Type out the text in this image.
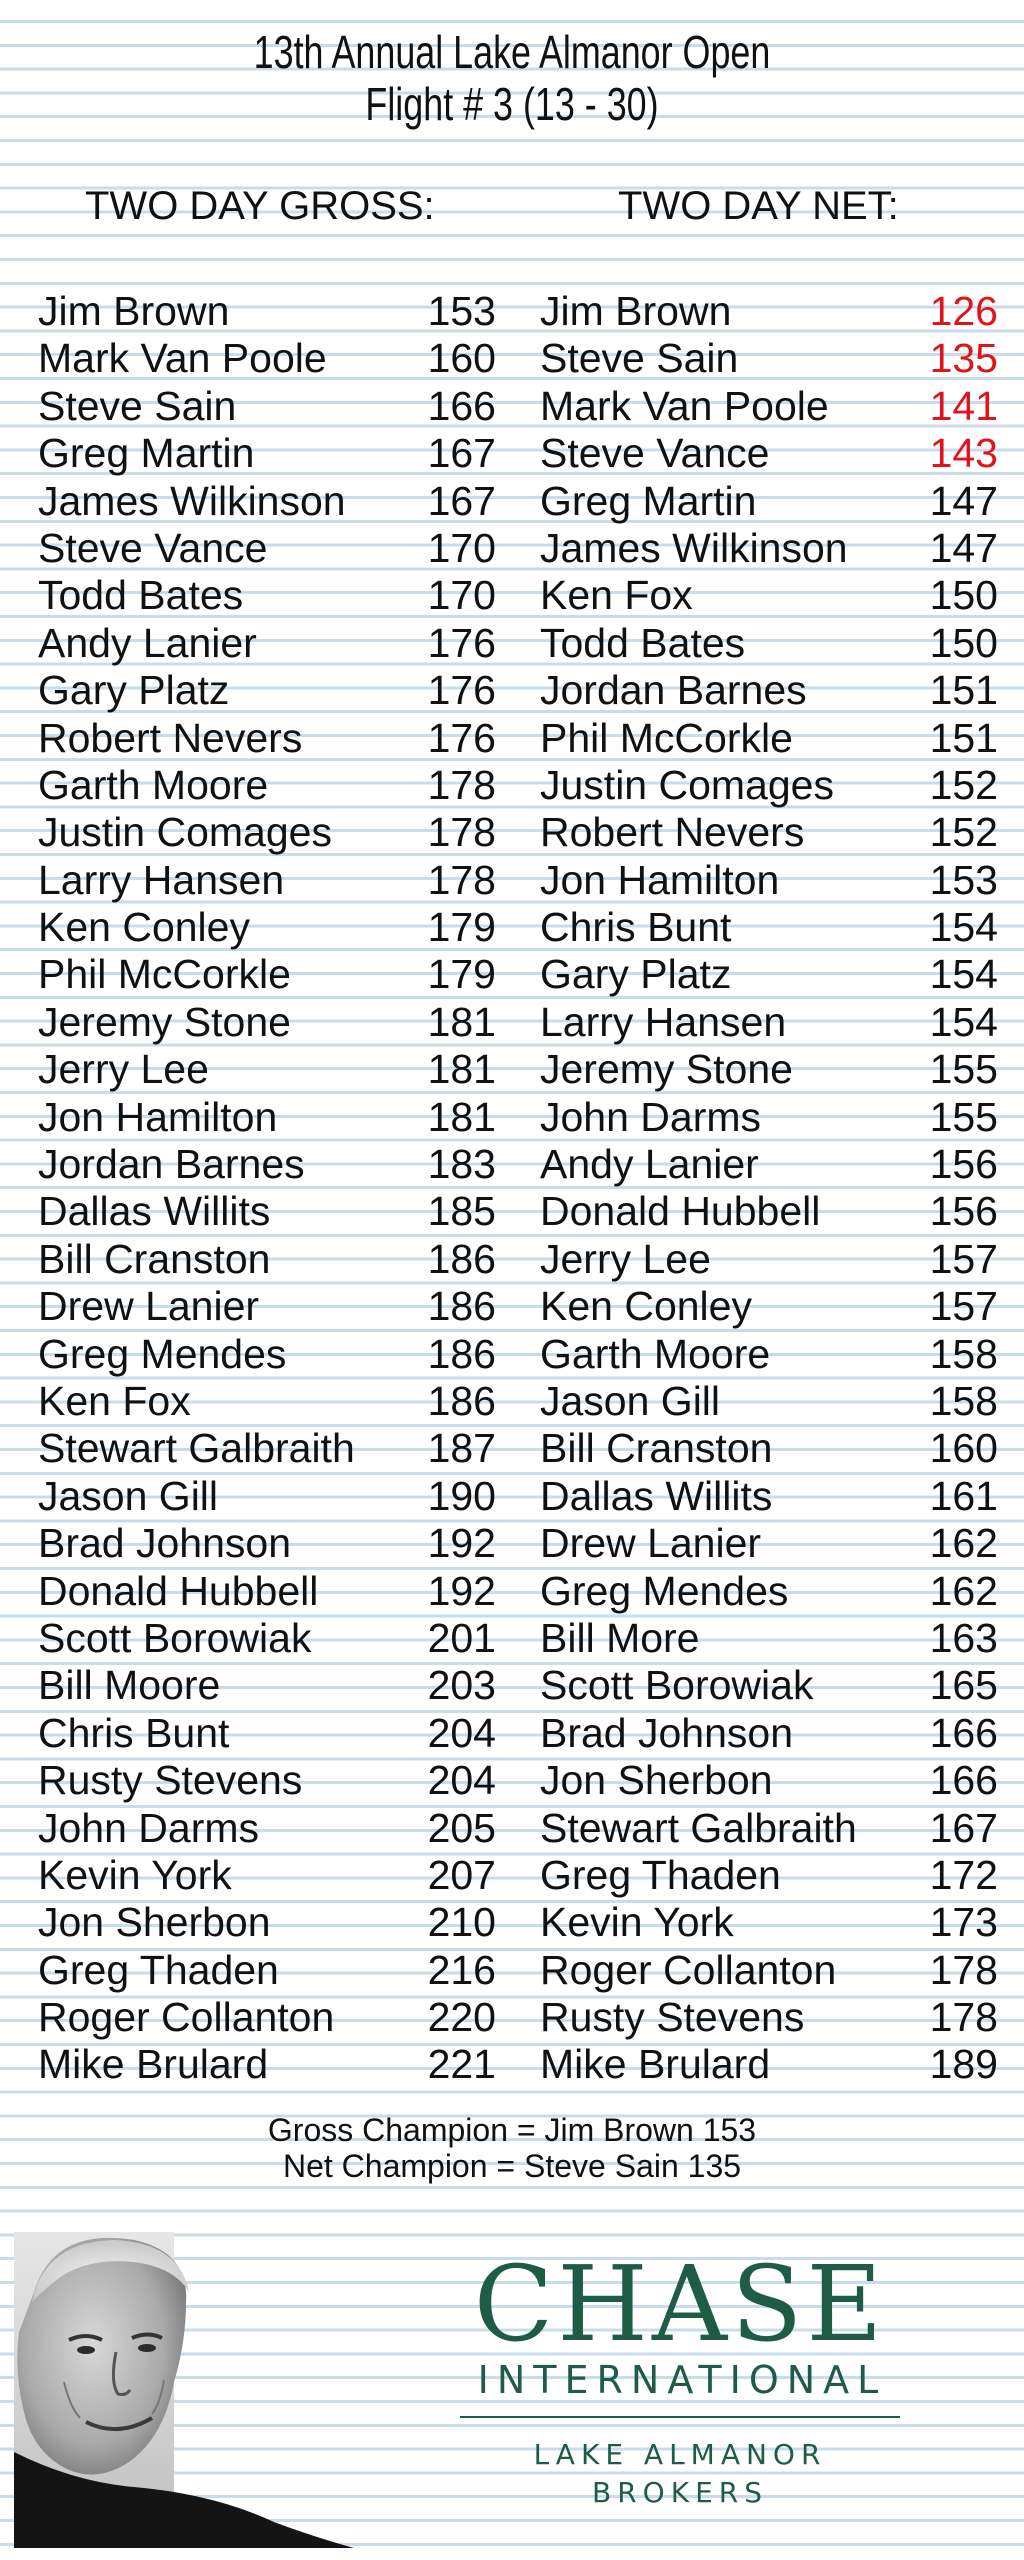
13th Annual Lake Almanor Open
Flight # 3 (13 - 30)
TWO DAY GROSS:	TWO DAY NET:
Jim Brown	153 Jim Brown	126
Mark Van Poole 160 Steve Sain	135
Steve Sain	166 Mark Van Poole	141
Greg Martin	167 Steve Vance	143
James Wilkinson 167 Greg Martin	147
Steve Vance	170 James Wilkinson	147
Todd Bates	170 Ken Fox	150
Andy Lanier	176 Todd Bates	150
Gary Platz	176 Jordan Barnes	151
Robert Nevers	176 Phil McCorkle	151
Garth Moore	178 Justin Comages	152
Justin Comages 178 Robert Nevers	152
Larry Hansen	178 Jon Hamilton	153
Ken Conley	179 Chris Bunt	154
Phil McCorkle	179 Gary Platz	154
Jeremy Stone	181 Larry Hansen	154
Jerry Lee	181 Jeremy Stone	155
Jon Hamilton	181 John Darms	155
Jordan Barnes	183 Andy Lanier	156
Dallas Willits	185 Donald Hubbell	156
Bill Cranston	186 Jerry Lee	157
Drew Lanier	186 Ken Conley	157
Greg Mendes	186 Garth Moore	158
Ken Fox	186 Jason Gill	158
Stewart Galbraith 187 Bill Cranston	160
Jason Gill	190 Dallas Willits	161
Brad Johnson	192 Drew Lanier	162
Donald Hubbell	192 Greg Mendes	162
Scott Borowiak	201 Bill More	163
Bill Moore	203 Scott Borowiak	165
Chris Bunt	204 Brad Johnson	166
Rusty Stevens	204 Jon Sherbon	166
John Darms	205 Stewart Galbraith	167
Kevin York	207 Greg Thaden	172
Jon Sherbon	210 Kevin York	173
Greg Thaden	216 Roger Collanton	178
Roger Collanton 220 Rusty Stevens	178
Mike Brulard	221 Mike Brulard	189
Gross Champion = Jim Brown 153
Net Champion = Steve Sain 135
CHASE
INTERNATIONAL
LAKE ALMANOR
BROKERS
